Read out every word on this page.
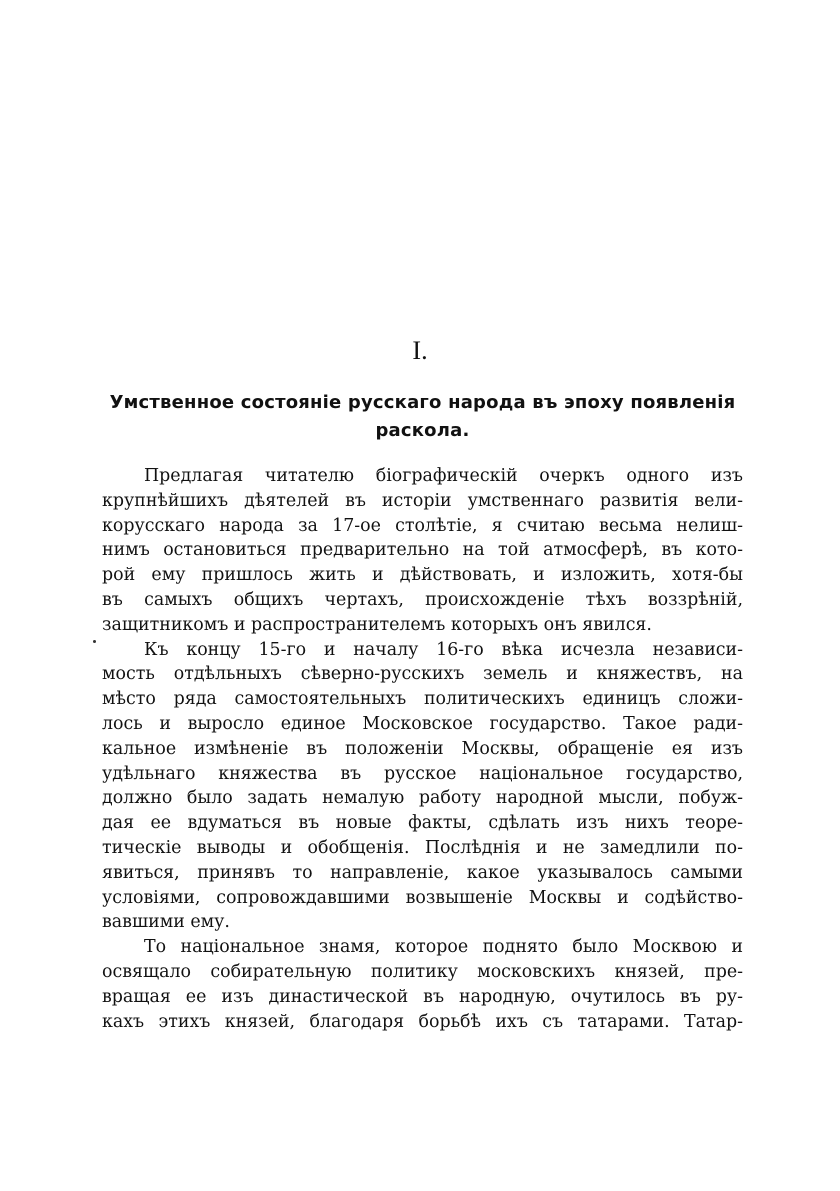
I.
Умственное состоянiе русскаго народа въ эпоху появленiя
раскола.
Предлагая читателю бiографическiй очеркъ одного изъ
крупнѣйшихъ дѣятелей въ исторiи умственнаго развитiя вели-
корусскаго народа за 17-ое столѣтiе, я считаю весьма нелиш-
нимъ остановиться предварительно на той атмосферѣ, въ кото-
рой ему пришлось жить и дѣйствовать, и изложить, хотя-бы
въ самыхъ общихъ чертахъ, происхожденiе тѣхъ воззрѣнiй,
защитникомъ и распространителемъ которыхъ онъ явился.
Къ концу 15-го и началу 16-го вѣка исчезла независи-
мость отдѣльныхъ сѣверно-русскихъ земель и княжествъ, на
мѣсто ряда самостоятельныхъ политическихъ единицъ сложи-
лось и выросло единое Московское государство. Такое ради-
кальное измѣненiе въ положенiи Москвы, обращенiе ея изъ
удѣльнаго княжества въ русское нацiональное государство,
должно было задать немалую работу народной мысли, побуж-
дая ее вдуматься въ новые факты, сдѣлать изъ нихъ теоре-
тическiе выводы и обобщенiя. Послѣднiя и не замедлили по-
явиться, принявъ то направленiе, какое указывалось самыми
условiями, сопровождавшими возвышенiе Москвы и содѣйство-
вавшими ему.
То нацiональное знамя, которое поднято было Москвою и
освящало собирательную политику московскихъ князей, пре-
вращая ее изъ династической въ народную, очутилось въ ру-
кахъ этихъ князей, благодаря борьбѣ ихъ съ татарами. Татар-
